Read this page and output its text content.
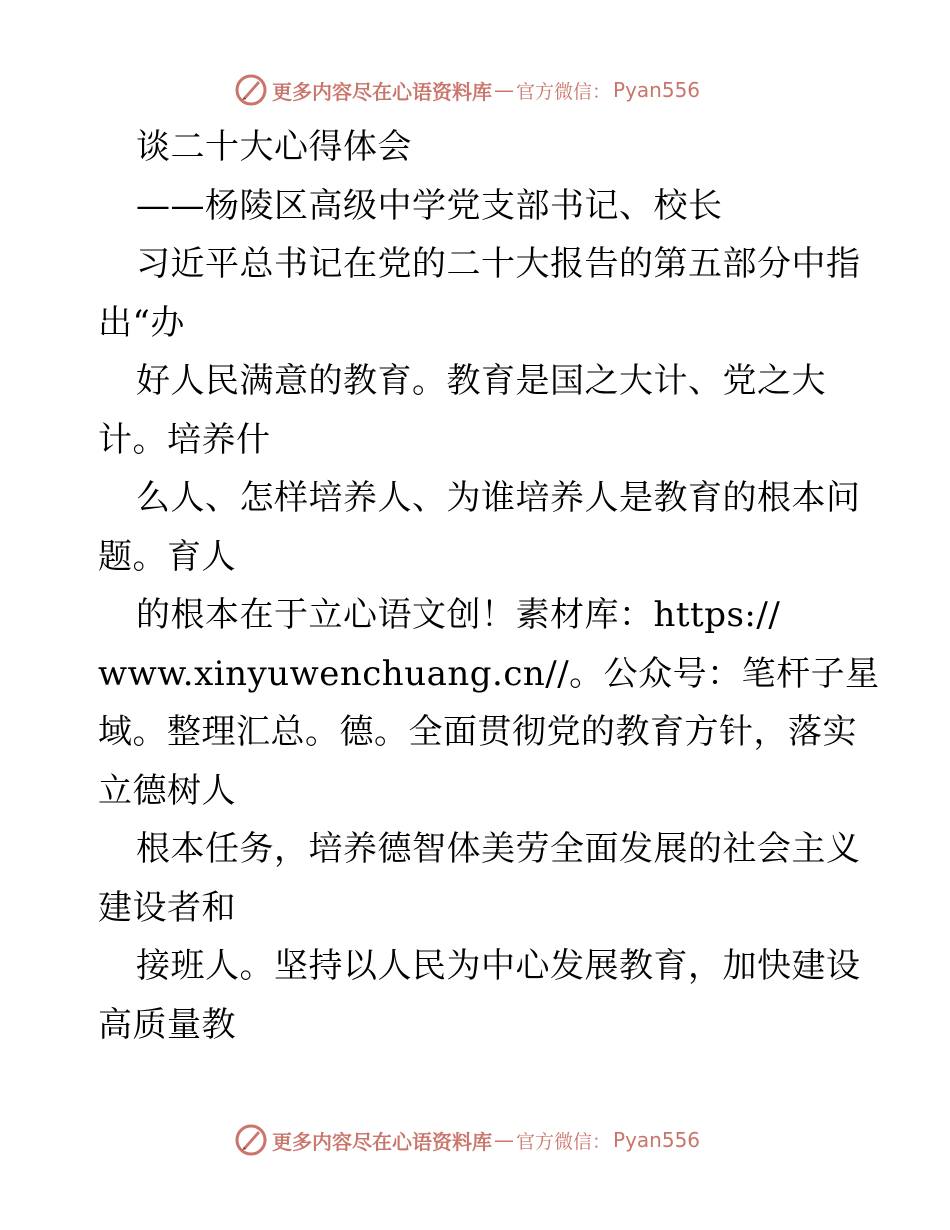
更多内容尽在心语资料库 — 官方微信： Pyan556
谈二十大心得体会
——杨陵区高级中学党支部书记、校长
习近平总书记在党的二十大报告的第五部分中指
出“办
好人民满意的教育。教育是国之大计、党之大
计。培养什
么人、怎样培养人、为谁培养人是教育的根本问
题。育人
的根本在于立心语文创！素材库：https://
www.xinyuwenchuang.cn//。公众号：笔杆子星
域。整理汇总。德。全面贯彻党的教育方针，落实
立德树人
根本任务，培养德智体美劳全面发展的社会主义
建设者和
接班人。坚持以人民为中心发展教育，加快建设
高质量教
更多内容尽在心语资料库 — 官方微信： Pyan556
